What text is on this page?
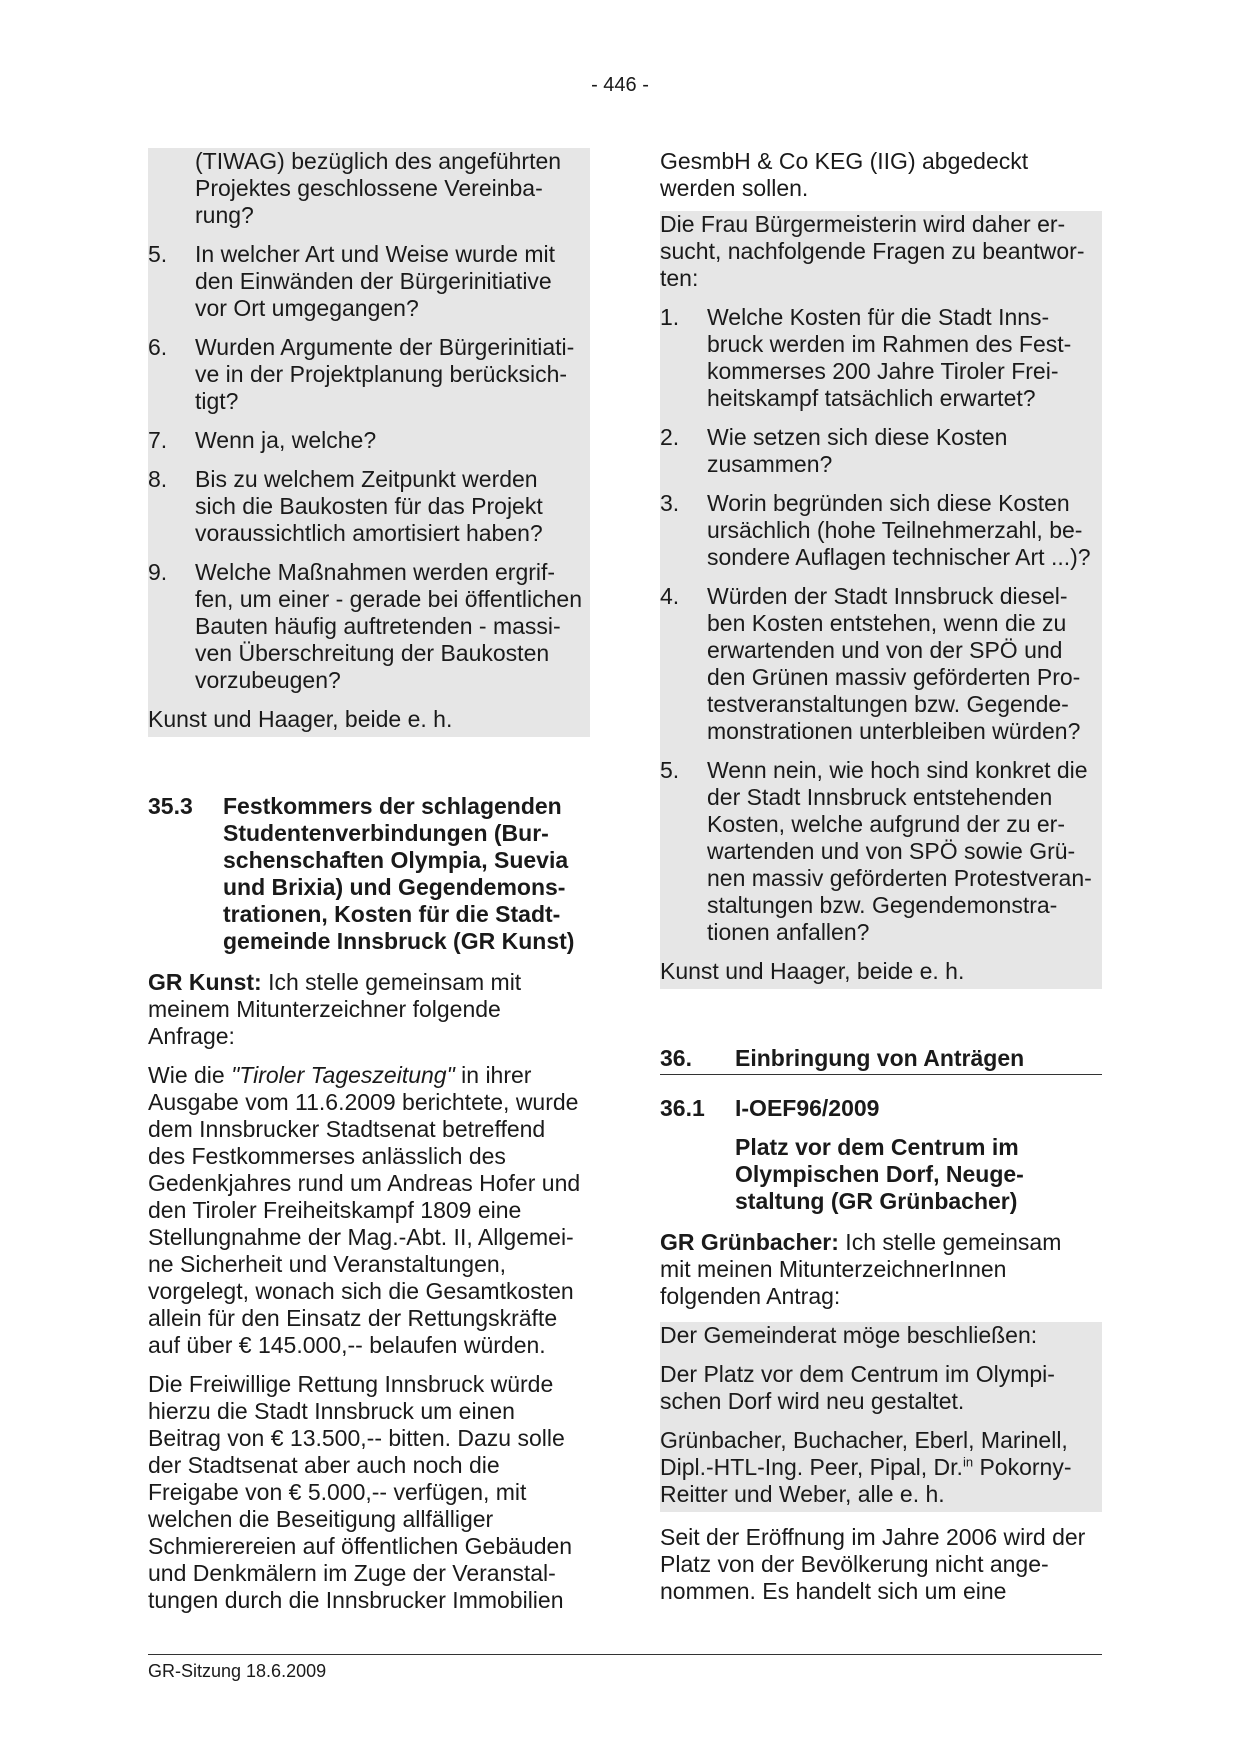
- 446 -
(TIWAG) bezüglich des angeführten
Projektes geschlossene Vereinba-
rung?
5.	In welcher Art und Weise wurde mit
den Einwänden der Bürgerinitiative
vor Ort umgegangen?
6.	Wurden Argumente der Bürgerinitiati-
ve in der Projektplanung berücksich-
tigt?
7.	Wenn ja, welche?
8.	Bis zu welchem Zeitpunkt werden
sich die Baukosten für das Projekt
voraussichtlich amortisiert haben?
9.	Welche Maßnahmen werden ergrif-
fen, um einer - gerade bei öffentlichen
Bauten häufig auftretenden - massi-
ven Überschreitung der Baukosten
vorzubeugen?
Kunst und Haager, beide e. h.
35.3	Festkommers der schlagenden
Studentenverbindungen (Bur-
schenschaften Olympia, Suevia
und Brixia) und Gegendemons-
trationen, Kosten für die Stadt-
gemeinde Innsbruck (GR Kunst)
GR Kunst: Ich stelle gemeinsam mit
meinem Mitunterzeichner folgende
Anfrage:
Wie die "Tiroler Tageszeitung" in ihrer
Ausgabe vom 11.6.2009 berichtete, wurde
dem Innsbrucker Stadtsenat betreffend
des Festkommerses anlässlich des
Gedenkjahres rund um Andreas Hofer und
den Tiroler Freiheitskampf 1809 eine
Stellungnahme der Mag.-Abt. II, Allgemei-
ne Sicherheit und Veranstaltungen,
vorgelegt, wonach sich die Gesamtkosten
allein für den Einsatz der Rettungskräfte
auf über € 145.000,-- belaufen würden.
Die Freiwillige Rettung Innsbruck würde
hierzu die Stadt Innsbruck um einen
Beitrag von € 13.500,-- bitten. Dazu solle
der Stadtsenat aber auch noch die
Freigabe von € 5.000,-- verfügen, mit
welchen die Beseitigung allfälliger
Schmierereien auf öffentlichen Gebäuden
und Denkmälern im Zuge der Veranstal-
tungen durch die Innsbrucker Immobilien
GesmbH & Co KEG (IIG) abgedeckt
werden sollen.
Die Frau Bürgermeisterin wird daher er-
sucht, nachfolgende Fragen zu beantwor-
ten:
1.	Welche Kosten für die Stadt Inns-
bruck werden im Rahmen des Fest-
kommerses 200 Jahre Tiroler Frei-
heitskampf tatsächlich erwartet?
2.	Wie setzen sich diese Kosten
zusammen?
3.	Worin begründen sich diese Kosten
ursächlich (hohe Teilnehmerzahl, be-
sondere Auflagen technischer Art ...)?
4.	Würden der Stadt Innsbruck diesel-
ben Kosten entstehen, wenn die zu
erwartenden und von der SPÖ und
den Grünen massiv geförderten Pro-
testveranstaltungen bzw. Gegende-
monstrationen unterbleiben würden?
5.	Wenn nein, wie hoch sind konkret die
der Stadt Innsbruck entstehenden
Kosten, welche aufgrund der zu er-
wartenden und von SPÖ sowie Grü-
nen massiv geförderten Protestveran-
staltungen bzw. Gegendemonstra-
tionen anfallen?
Kunst und Haager, beide e. h.
36.	Einbringung von Anträgen
36.1	I-OEF96/2009
Platz vor dem Centrum im
Olympischen Dorf, Neuge-
staltung (GR Grünbacher)
GR Grünbacher: Ich stelle gemeinsam
mit meinen MitunterzeichnerInnen
folgenden Antrag:
Der Gemeinderat möge beschließen:
Der Platz vor dem Centrum im Olympi-
schen Dorf wird neu gestaltet.
Grünbacher, Buchacher, Eberl, Marinell,
Dipl.-HTL-Ing. Peer, Pipal, Dr.$^{in}$ Pokorny-
Reitter und Weber, alle e. h.
Seit der Eröffnung im Jahre 2006 wird der
Platz von der Bevölkerung nicht ange-
nommen. Es handelt sich um eine
GR-Sitzung 18.6.2009
